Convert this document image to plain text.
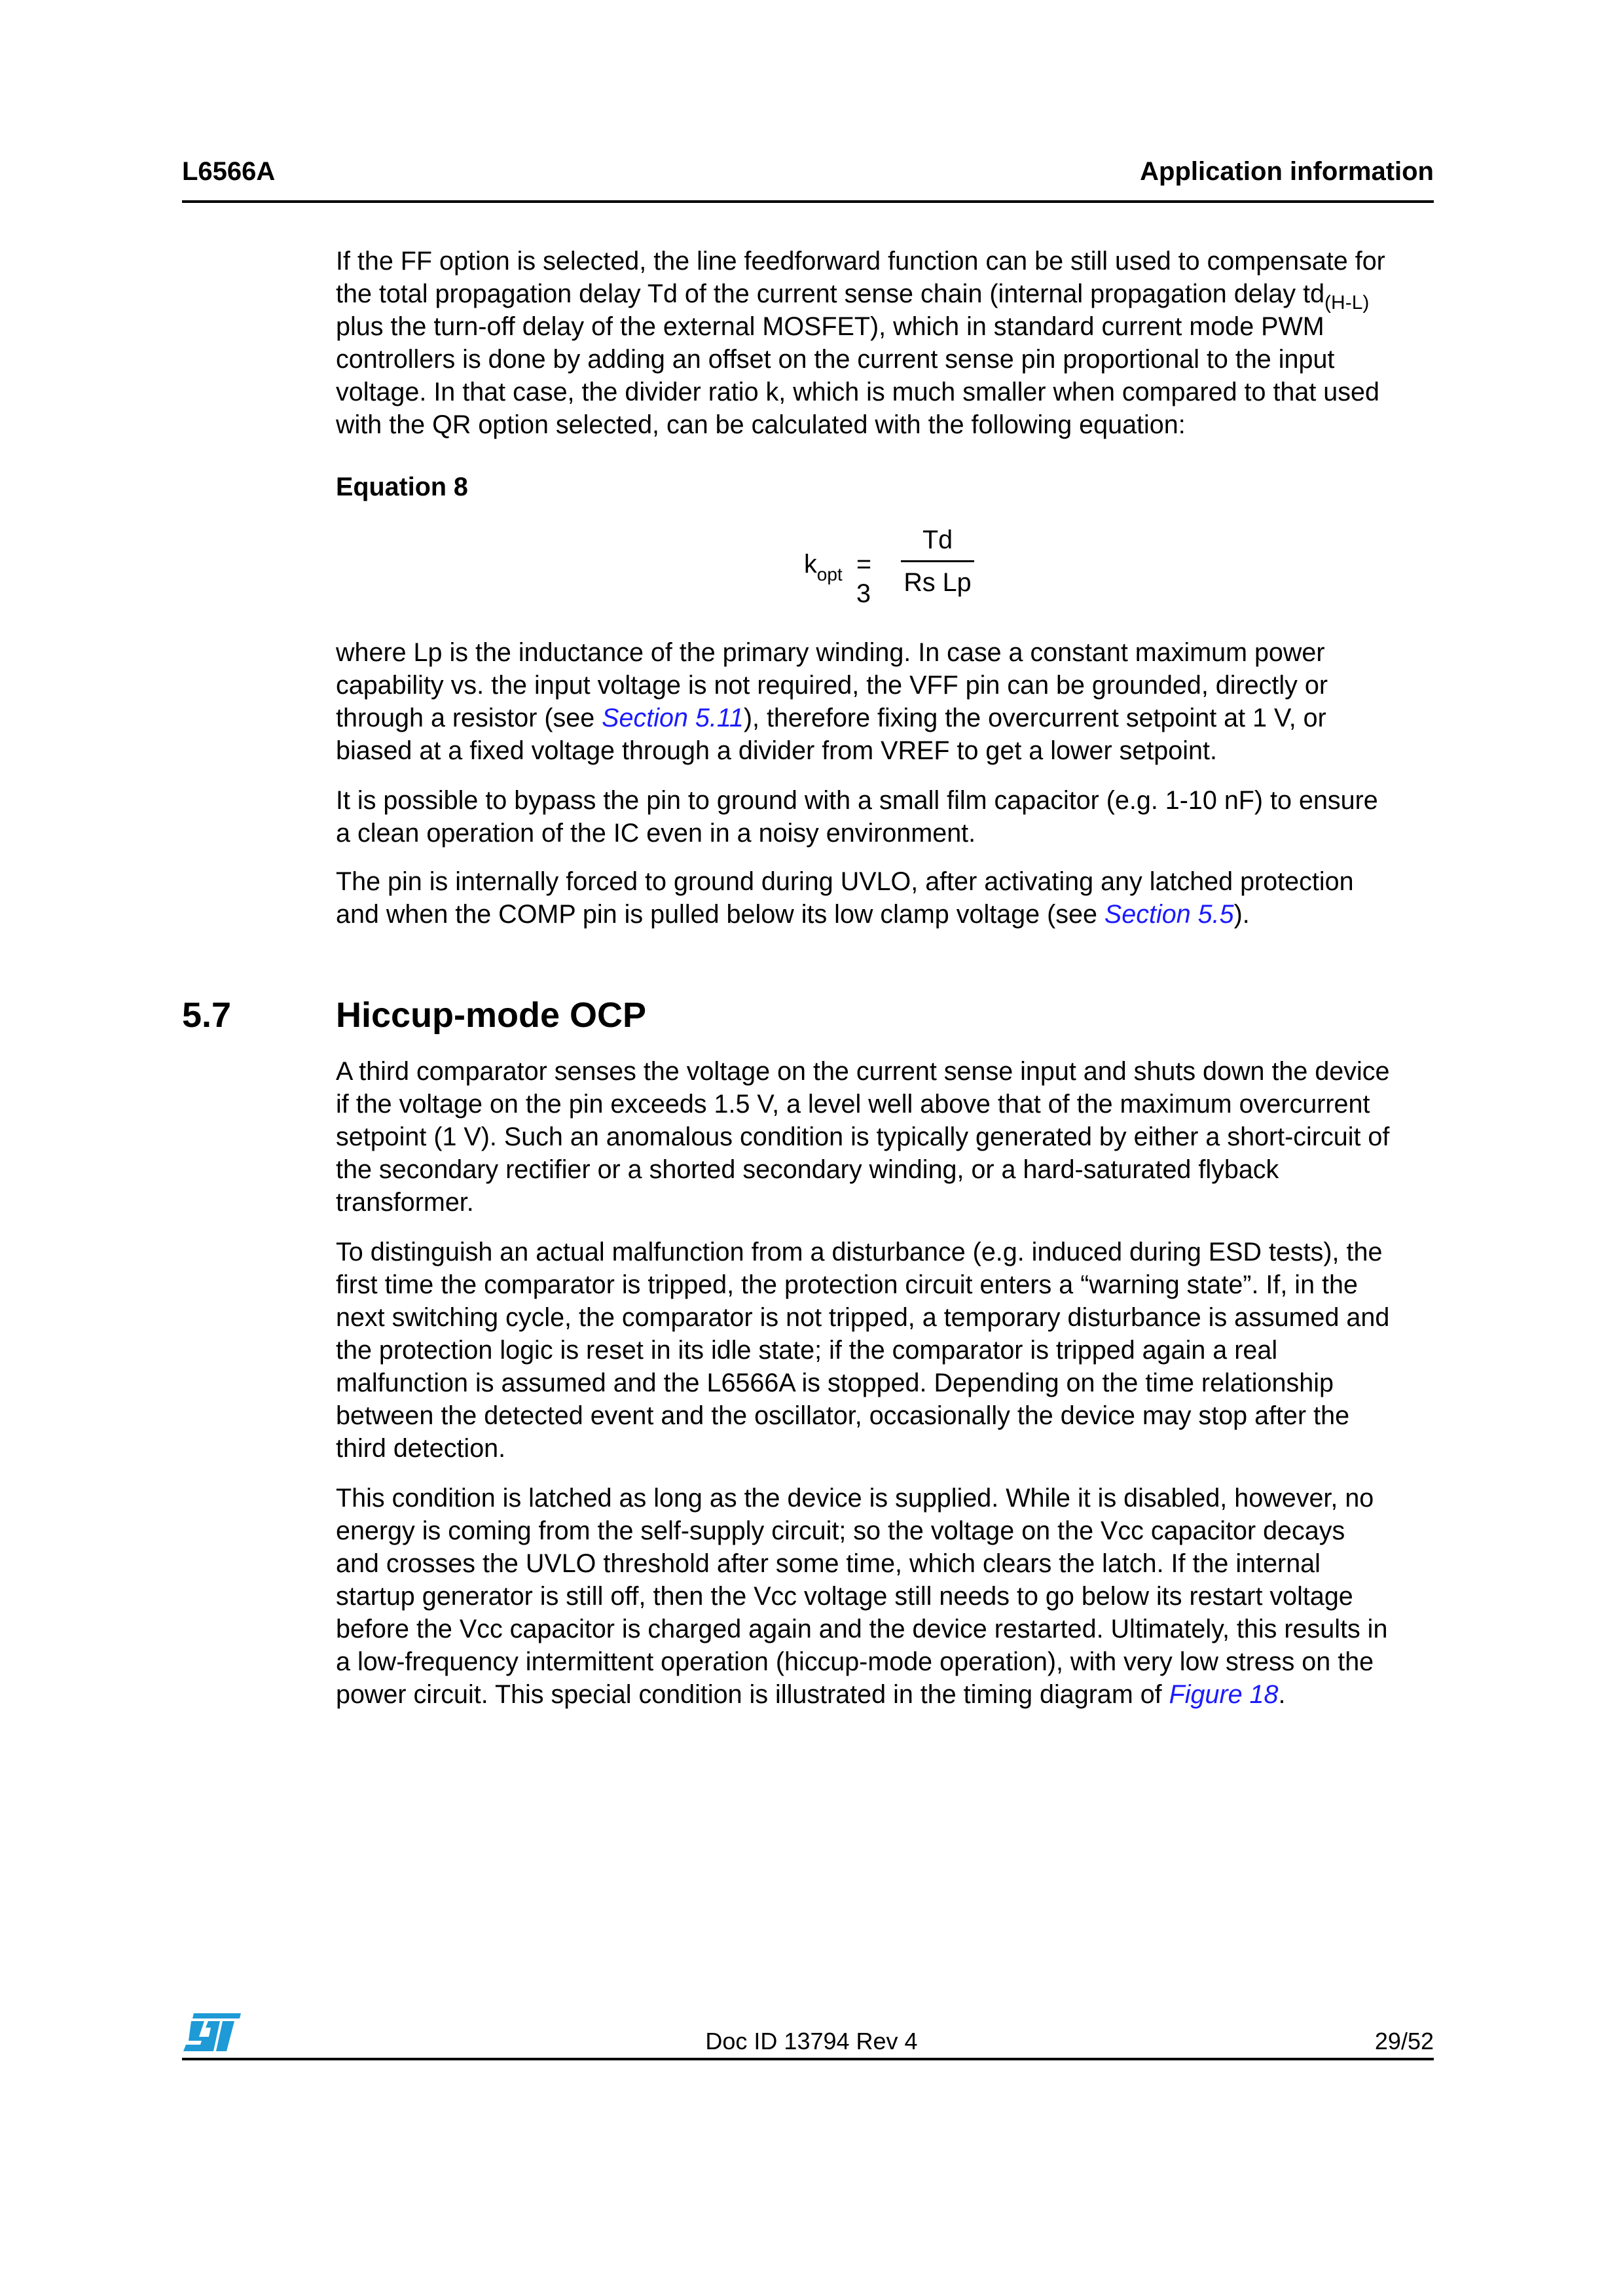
L6566A	Application information
If the FF option is selected, the line feedforward function can be still used to compensate for
the total propagation delay Td of the current sense chain (internal propagation delay $td_{(H-L)}$
plus the turn-off delay of the external MOSFET), which in standard current mode PWM
controllers is done by adding an offset on the current sense pin proportional to the input
voltage. In that case, the divider ratio k, which is much smaller when compared to that used
with the QR option selected, can be calculated with the following equation:
Equation 8
$k_{opt} = 3$
Td
Rs Lp
where Lp is the inductance of the primary winding. In case a constant maximum power
capability vs. the input voltage is not required, the VFF pin can be grounded, directly or
through a resistor (see Section 5.11), therefore fixing the overcurrent setpoint at 1 V, or
biased at a fixed voltage through a divider from VREF to get a lower setpoint.
It is possible to bypass the pin to ground with a small film capacitor (e.g. 1-10 nF) to ensure
a clean operation of the IC even in a noisy environment.
The pin is internally forced to ground during UVLO, after activating any latched protection
and when the COMP pin is pulled below its low clamp voltage (see Section 5.5).
5.7	Hiccup-mode OCP
A third comparator senses the voltage on the current sense input and shuts down the device
if the voltage on the pin exceeds 1.5 V, a level well above that of the maximum overcurrent
setpoint (1 V). Such an anomalous condition is typically generated by either a short-circuit of
the secondary rectifier or a shorted secondary winding, or a hard-saturated flyback
transformer.
To distinguish an actual malfunction from a disturbance (e.g. induced during ESD tests), the
first time the comparator is tripped, the protection circuit enters a “warning state”. If, in the
next switching cycle, the comparator is not tripped, a temporary disturbance is assumed and
the protection logic is reset in its idle state; if the comparator is tripped again a real
malfunction is assumed and the L6566A is stopped. Depending on the time relationship
between the detected event and the oscillator, occasionally the device may stop after the
third detection.
This condition is latched as long as the device is supplied. While it is disabled, however, no
energy is coming from the self-supply circuit; so the voltage on the Vcc capacitor decays
and crosses the UVLO threshold after some time, which clears the latch. If the internal
startup generator is still off, then the Vcc voltage still needs to go below its restart voltage
before the Vcc capacitor is charged again and the device restarted. Ultimately, this results in
a low-frequency intermittent operation (hiccup-mode operation), with very low stress on the
power circuit. This special condition is illustrated in the timing diagram of Figure 18.
Doc ID 13794 Rev 4	29/52
